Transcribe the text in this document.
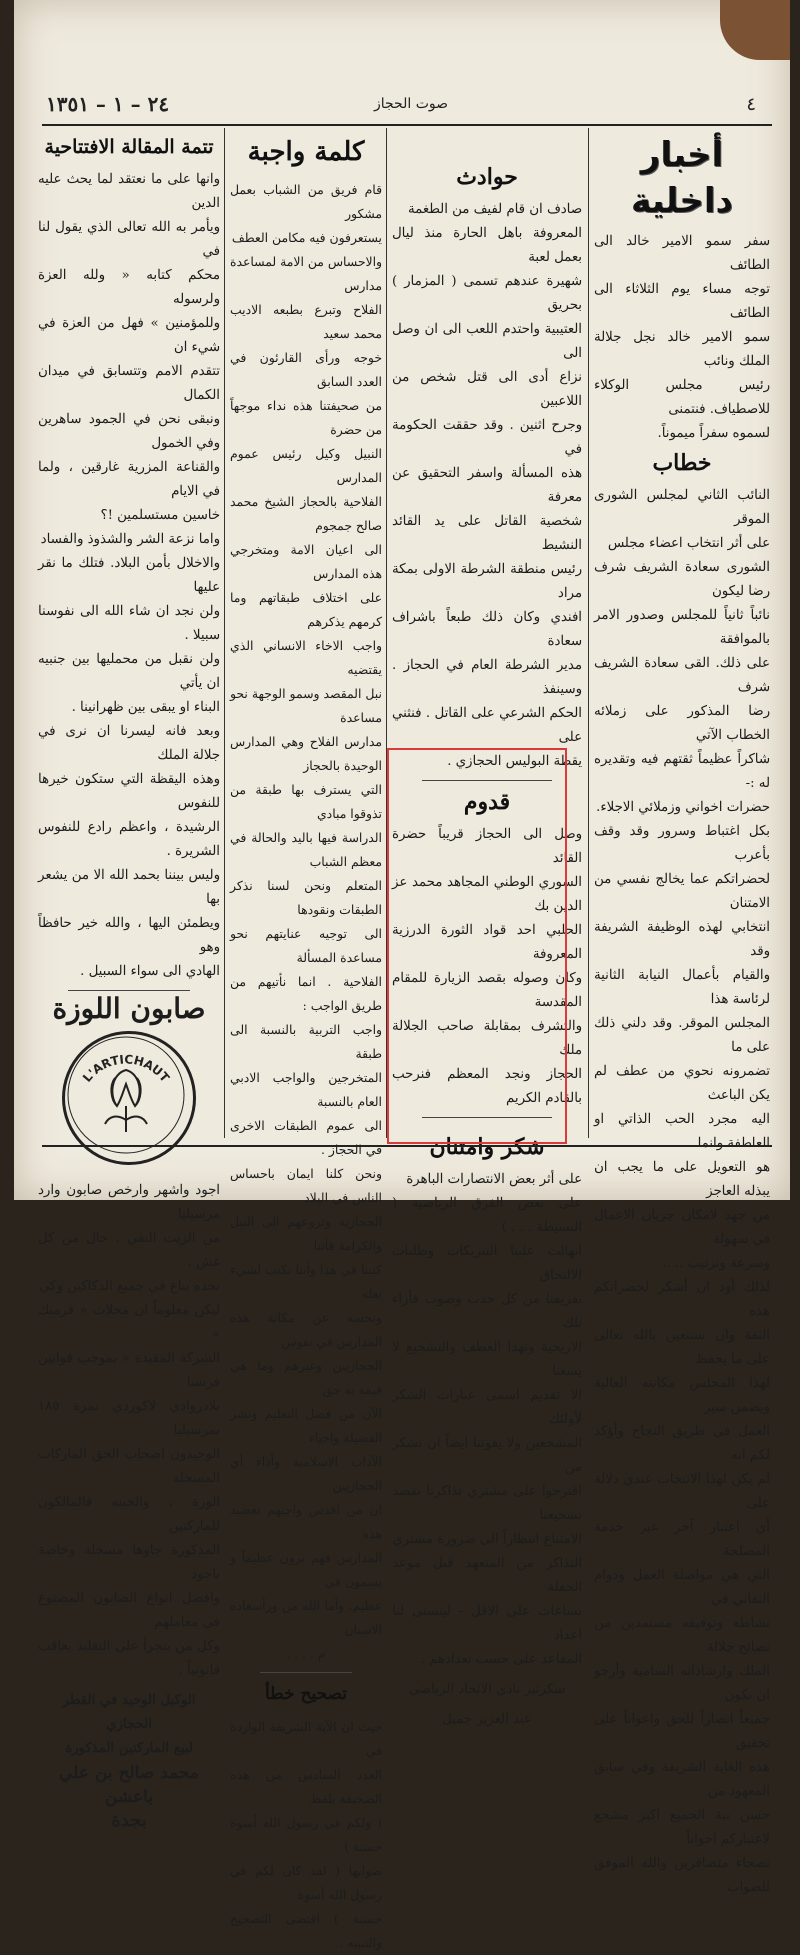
٤
صوت الحجاز
٢٤ – ١ – ١٣٥١
أخبار داخلية
سفر سمو الامير خالد الى الطائف
توجه مساء يوم الثلاثاء الى الطائف
سمو الامير خالد نجل جلالة الملك ونائب
رئيس مجلس الوكلاء للاصطياف. فنتمنى
لسموه سفراً ميموناً.
خطاب
النائب الثاني لمجلس الشورى الموقر
على أثر انتخاب اعضاء مجلس
الشورى سعادة الشريف شرف رضا ليكون
نائباً ثانياً للمجلس وصدور الامر بالموافقة
على ذلك. القى سعادة الشريف شرف
رضا المذكور على زملائه الخطاب الآتي
شاكراً عظيماً ثقتهم فيه وتقديره له :-
حضرات اخواني وزملائي الاجلاء.
بكل اغتباط وسرور وقد وقف بأعرب
لحضراتكم عما يخالج نفسي من الامتنان
انتخابي لهذه الوظيفة الشريفة وقد
والقيام بأعمال النيابة الثانية لرئاسة هذا
المجلس الموقر. وقد دلني ذلك على ما
تضمرونه نحوي من عطف لم يكن الباعث
اليه مجرد الحب الذاتي او العاطفة وانما
هو التعويل على ما يجب ان يبذله العاجز
من جهد لامكان جريان الاعمال في سهولة
وسرعة وترتيب .. ..
لذلك أود ان أشكر لحضراتكم هذه
الثقة وان نستعين بالله تعالى على ما يحفظ
لهذا المجلس مكانته العالية ويضمن سير
العمل في طريق النجاح وأؤكد لكم انه
لم يكن لهذا الانتخاب عندي دلالة على
أي اعتبار آخر غير خدمة المصلحة
التي هي مواصلة العمل ودوام التفاني في
نشاطه وتوفيقه مستمدين من نصائح جلالة
الملك وارشاداته السامية وأرجو ان نكون
جميعاً انصاراً للحق واعواناً على تحقيق
هذه الغاية الشريفة وفي سابق المعهود من
حسن نية الجميع اكبر مشجع لاعتباركم اخواناً
نصحاء متضافرين والله الموفق للصواب
حوادث
صادف ان قام لفيف من الطغمة
المعروفة باهل الحارة منذ ليال بعمل لعبة
شهيرة عندهم تسمى ( المزمار ) بحريق
العتيبية واحتدم اللعب الى ان وصل الى
نزاع أدى الى قتل شخص من اللاعبين
وجرح اثنين . وقد حققت الحكومة في
هذه المسألة واسفر التحقيق عن معرفة
شخصية القاتل على يد القائد النشيط
رئيس منطقة الشرطة الاولى بمكة مراد
افندي وكان ذلك طبعاً باشراف سعادة
مدير الشرطة العام في الحجاز . وسينفذ
الحكم الشرعي على القاتل . فنثني على
يقظة البوليس الحجازي .
قدوم
وصل الى الحجاز قريباً حضرة القائد
السوري الوطني المجاهد محمد عز الدين بك
الحلبي احد قواد الثورة الدرزية المعروفة
وكان وصوله بقصد الزيارة للمقام المقدسة
والتشرف بمقابلة صاحب الجلالة ملك
الحجاز ونجد المعظم فنرحب بالقادم الكريم
شكر وامتنان
على أثر بعض الانتصارات الباهرة
على بعض الفرق الرياضية ( البسيطة . . . )
انهالت علينا التبريكات وطلبات الالتحاق
بفريقنا من كل حدب وصوب فأزاء تلك
الاريحية ونهذا العطف والتشجيع لا يسعنا
الا تقديم اسمى عبارات الشكر لأولئك
المشجعين ولا يفوتنا ايضاً ان نشكر من
اقترحوا على مشتري تذاكرنا بقصد تشجيعنا
الامتناع انتظاراً الى ضرورة مشتري
التذاكر من المتعهد قبل موعد الحفلة
بساعات على الاقل - ليتسنى لنا اعداد
المقاعد على حسب تعدادهم .
سكرتير نادي الاتحاد الرياضي
عبد العزيز جميل
كلمة واجبة
قام فريق من الشباب بعمل مشكور
يستعرفون فيه مكامن العطف
والاحساس من الامة لمساعدة مدارس
الفلاح وتبرع بطبعه الاديب محمد سعيد
خوجه ورأى القارئون في العدد السابق
من صحيفتنا هذه نداء موجهاً من حضرة
النبيل وكيل رئيس عموم المدارس
الفلاحية بالحجاز الشيخ محمد صالح جمجوم
الى اعيان الامة ومتخرجي هذه المدارس
على اختلاف طبقاتهم وما كرمهم يذكرهم
واجب الاخاء الانساني الذي يقتضيه
نبل المقصد وسمو الوجهة نحو مساعدة
مدارس الفلاح وهي المدارس الوحيدة بالحجاز
التي يسترف بها طبقة من تذوقوا مبادي
الدراسة فيها باليد والحالة في معظم الشباب
المتعلم ونحن لسنا نذكر الطبقات ونقودها
الى توجيه عنايتهم نحو مساعدة المسألة
الفلاحية . انما نأتيهم من طريق الواجب :
واجب التربية بالنسبة الى طبقة
المتخرجين والواجب الادبي العام بالنسبة
الى عموم الطبقات الاخرى في الحجاز .
ونحن كلنا ايمان باحساس الناس في البلاد
الحجازية وتزوعهم الى النبل والكرامة فأننا
كتبنا في هذا وأننا نكتب لشيء نعله
ونحسه عن مكانة هذه المدارس في نفوس
الحجازيين وغيرهم وما هي قيمة به حق
الآن من فضل التعليم ونشر الفضيلة واحياء
الآداب الاسلامية وأداء أي الحجازيين
ان من اقدس واجبهم تعضيد هذه
المدارس فهم يرون عظيماً و يسمون في
عظيم. وأما الله من ورأسعاده الاسنان
م . . . .
تصحيح خطأ
حيث ان الآية الشريفة الواردة في
العدد السادس من هذه الصحيفة بلفظ
( ولكم في رسول الله أسوة حسنة )
صوابها ( لقد كان لكم في رسول الله أسوة
حسنة ) اقتضى التصحيح والتنبيه .
تتمة المقالة الافتتاحية
وانها على ما نعتقد لما يحث عليه الدين
ويأمر به الله تعالى الذي يقول لنا في
محكم كتابه « ولله العزة ولرسوله
وللمؤمنين » فهل من العزة في شيء ان
تتقدم الامم وتتسابق في ميدان الكمال
ونبقى نحن في الجمود ساهرين وفي الخمول
والقناعة المزرية غارقين ، ولما في الايام
خاسين مستسلمين !؟
واما نزعة الشر والشذوذ والفساد
والاخلال بأمن البلاد. فتلك ما نقر عليها
ولن نجد ان شاء الله الى نفوسنا سبيلا .
ولن نقبل من محمليها بين جنبيه ان يأتي
البناء او يبقى بين ظهرانينا .
وبعد فانه ليسرنا ان نرى في جلالة الملك
وهذه اليقظة التي ستكون خيرها للنفوس
الرشيدة ، واعظم رادع للنفوس الشريرة .
وليس بيننا بحمد الله الا من يشعر بها
ويطمئن اليها ، والله خير حافظاً وهو
الهادي الى سواء السبيل .
صابون اللوزة
L'ARTICHAUT
اجود واشهر وارخص صابون وارد مرسيليا
من الزيت النقي . خال من كل غش .
تجده يباع في جميع الدكاكين وكي
ليكن معلوماً ان محلات « فرمنك »
الشركة المقيدة « بموجب قوانين فرنسا
بلادروادي لاكوردي نمرة ١٨٥ بمرسيليا
الوحيدون اصحاب الحق الماركات المسجلة
الوزة ، والجبنه فالمالكون للماركتين
المذكورة جاوها مسجلة وخاصة باجود
وافضل انواع الصابون المصنوع في معاملهم
وكل من يتجرأ على التقليد يعاقب قانونياً .
الوكيل الوحيد في القطر الحجازي
لبيع الماركتين المذكورة
محمد صالح بن علي باعشن
بجدة
